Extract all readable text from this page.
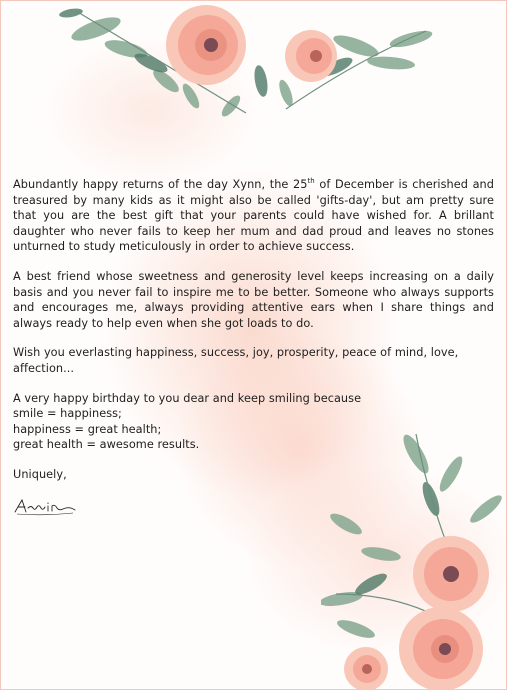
Abundantly happy returns of the day Xynn, the 25th of December is cherished and treasured by many kids as it might also be called 'gifts-day', but am pretty sure that you are the best gift that your parents could have wished for. A brillant daughter who never fails to keep her mum and dad proud and leaves no stones unturned to study meticulously in order to achieve success.

A best friend whose sweetness and generosity level keeps increasing on a daily basis and you never fail to inspire me to be better. Someone who always supports and encourages me, always providing attentive ears when I share things and always ready to help even when she got loads to do.

Wish you everlasting happiness, success, joy, prosperity, peace of mind, love, affection...

A very happy birthday to you dear and keep smiling because
smile = happiness;
happiness = great health;
great health = awesome results.

Uniquely,
